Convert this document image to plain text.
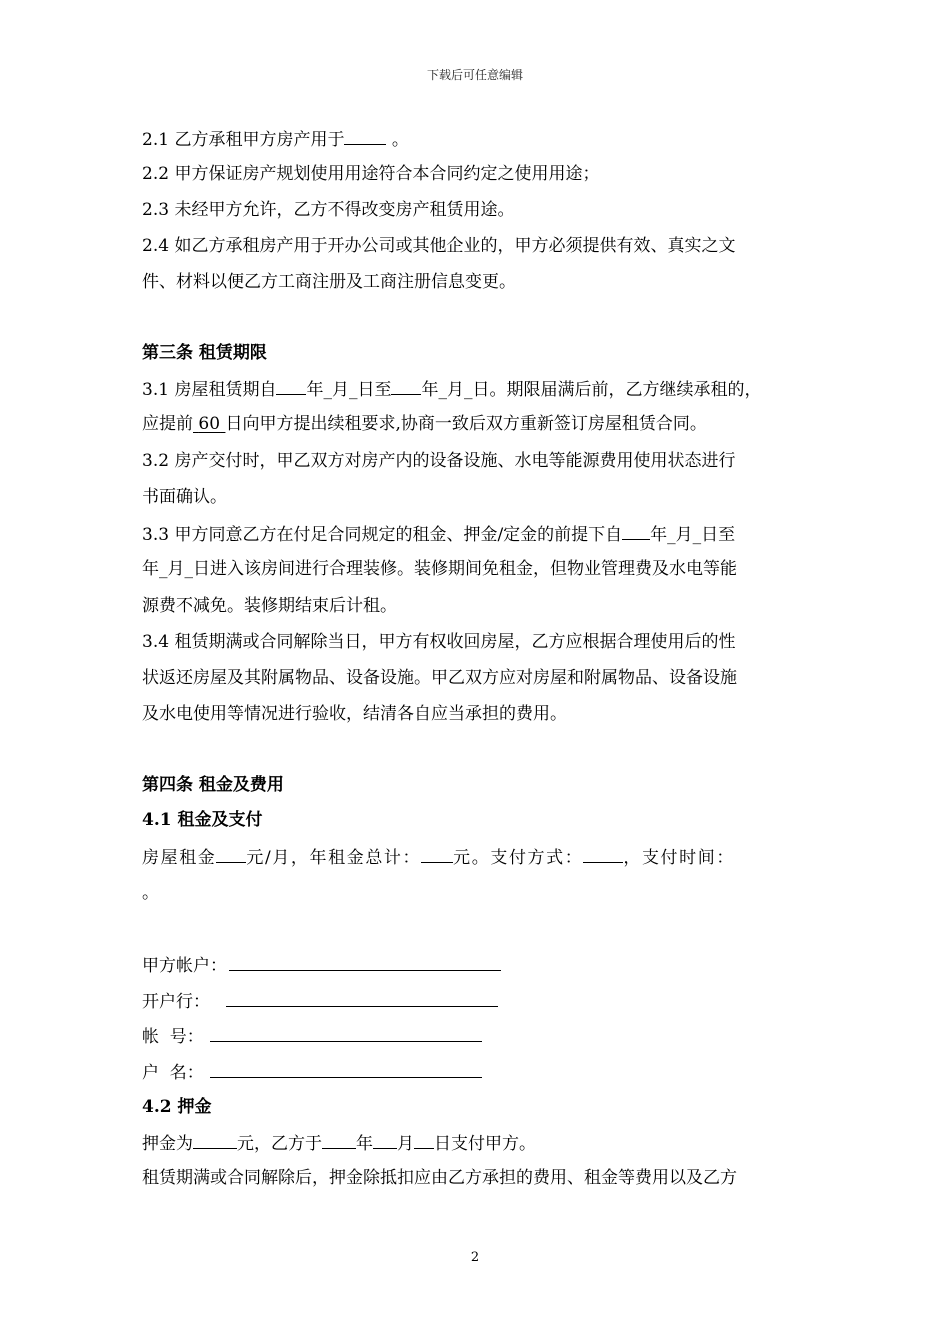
下载后可任意编辑
2.1 乙方承租甲方房产用于 。
2.2 甲方保证房产规划使用用途符合本合同约定之使用用途；
2.3 未经甲方允许，乙方不得改变房产租赁用途。
2.4 如乙方承租房产用于开办公司或其他企业的，甲方必须提供有效、真实之文
件、材料以便乙方工商注册及工商注册信息变更。
第三条 租赁期限
3.1 房屋租赁期自 年_月_日至 年_月_日。期限届满后前，乙方继续承租的，
应提前 60 日向甲方提出续租要求,协商一致后双方重新签订房屋租赁合同。
3.2 房产交付时，甲乙双方对房产内的设备设施、水电等能源费用使用状态进行
书面确认。
3.3 甲方同意乙方在付足合同规定的租金、押金/定金的前提下自 年_月_日至
年_月_日进入该房间进行合理装修。装修期间免租金，但物业管理费及水电等能
源费不减免。装修期结束后计租。
3.4 租赁期满或合同解除当日，甲方有权收回房屋，乙方应根据合理使用后的性
状返还房屋及其附属物品、设备设施。甲乙双方应对房屋和附属物品、设备设施
及水电使用等情况进行验收，结清各自应当承担的费用。
第四条 租金及费用
4.1 租金及支付
房屋租金 元/月，年租金总计： 元。支付方式： ，支付时间：
。
甲方帐户：
开户行：
帐  号：
户  名：
4.2 押金
押金为	元，乙方于 年 月 日支付甲方。
租赁期满或合同解除后，押金除抵扣应由乙方承担的费用、租金等费用以及乙方
2
